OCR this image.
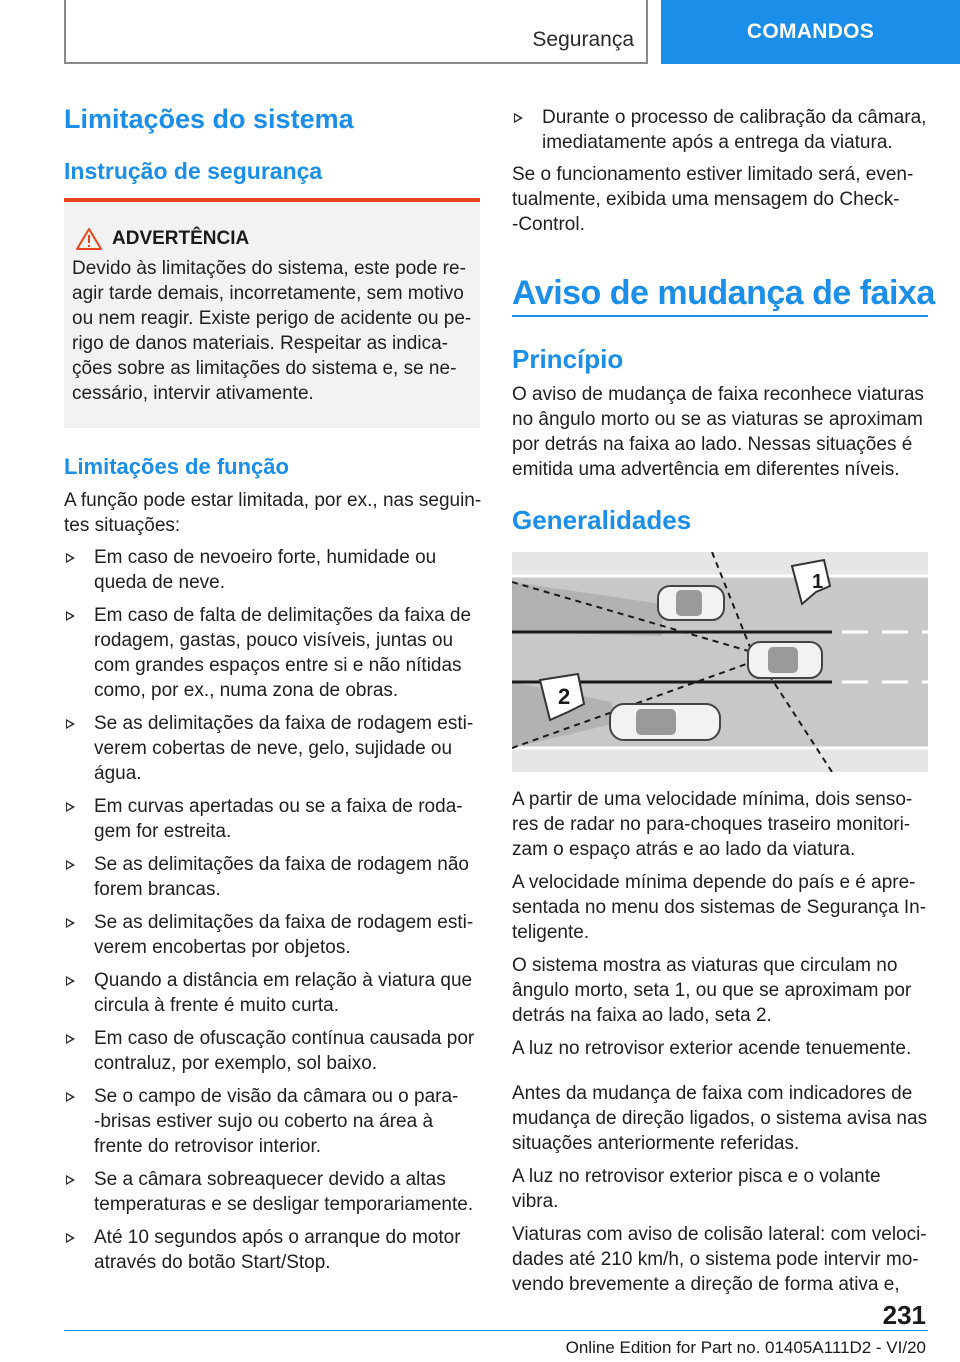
Segurança	COMANDOS
Limitações do sistema
Instrução de segurança
ADVERTÊNCIA

Devido às limitações do sistema, este pode re-
agir tarde demais, incorretamente, sem motivo
ou nem reagir. Existe perigo de acidente ou pe-
rigo de danos materiais. Respeitar as indica-
ções sobre as limitações do sistema e, se ne-
cessário, intervir ativamente.

Limitações de função

A função pode estar limitada, por ex., nas seguin-
tes situações:

Em caso de nevoeiro forte, humidade ou
queda de neve.
Em caso de falta de delimitações da faixa de
rodagem, gastas, pouco visíveis, juntas ou
com grandes espaços entre si e não nítidas
como, por ex., numa zona de obras.
Se as delimitações da faixa de rodagem esti-
verem cobertas de neve, gelo, sujidade ou
água.
Em curvas apertadas ou se a faixa de roda-
gem for estreita.
Se as delimitações da faixa de rodagem não
forem brancas.
Se as delimitações da faixa de rodagem esti-
verem encobertas por objetos.
Quando a distância em relação à viatura que
circula à frente é muito curta.
Em caso de ofuscação contínua causada por
contraluz, por exemplo, sol baixo.
Se o campo de visão da câmara ou o para-
-brisas estiver sujo ou coberto na área à
frente do retrovisor interior.
Se a câmara sobreaquecer devido a altas
temperaturas e se desligar temporariamente.
Até 10 segundos após o arranque do motor
através do botão Start/Stop.
Durante o processo de calibração da câmara,
imediatamente após a entrega da viatura.

Se o funcionamento estiver limitado será, even-
tualmente, exibida uma mensagem do Check-
-Control.

Aviso de mudança de faixa
Princípio

O aviso de mudança de faixa reconhece viaturas
no ângulo morto ou se as viaturas se aproximam
por detrás na faixa ao lado. Nessas situações é
emitida uma advertência em diferentes níveis.

Generalidades
1
2

A partir de uma velocidade mínima, dois senso-
res de radar no para-choques traseiro monitori-
zam o espaço atrás e ao lado da viatura.

A velocidade mínima depende do país e é apre-
sentada no menu dos sistemas de Segurança In-
teligente.

O sistema mostra as viaturas que circulam no
ângulo morto, seta 1, ou que se aproximam por
detrás na faixa ao lado, seta 2.

A luz no retrovisor exterior acende tenuemente.

Antes da mudança de faixa com indicadores de
mudança de direção ligados, o sistema avisa nas
situações anteriormente referidas.

A luz no retrovisor exterior pisca e o volante vibra.

Viaturas com aviso de colisão lateral: com veloci-
dades até 210 km/h, o sistema pode intervir mo-
vendo brevemente a direção de forma ativa e,

231
Online Edition for Part no. 01405A111D2 - VI/20
